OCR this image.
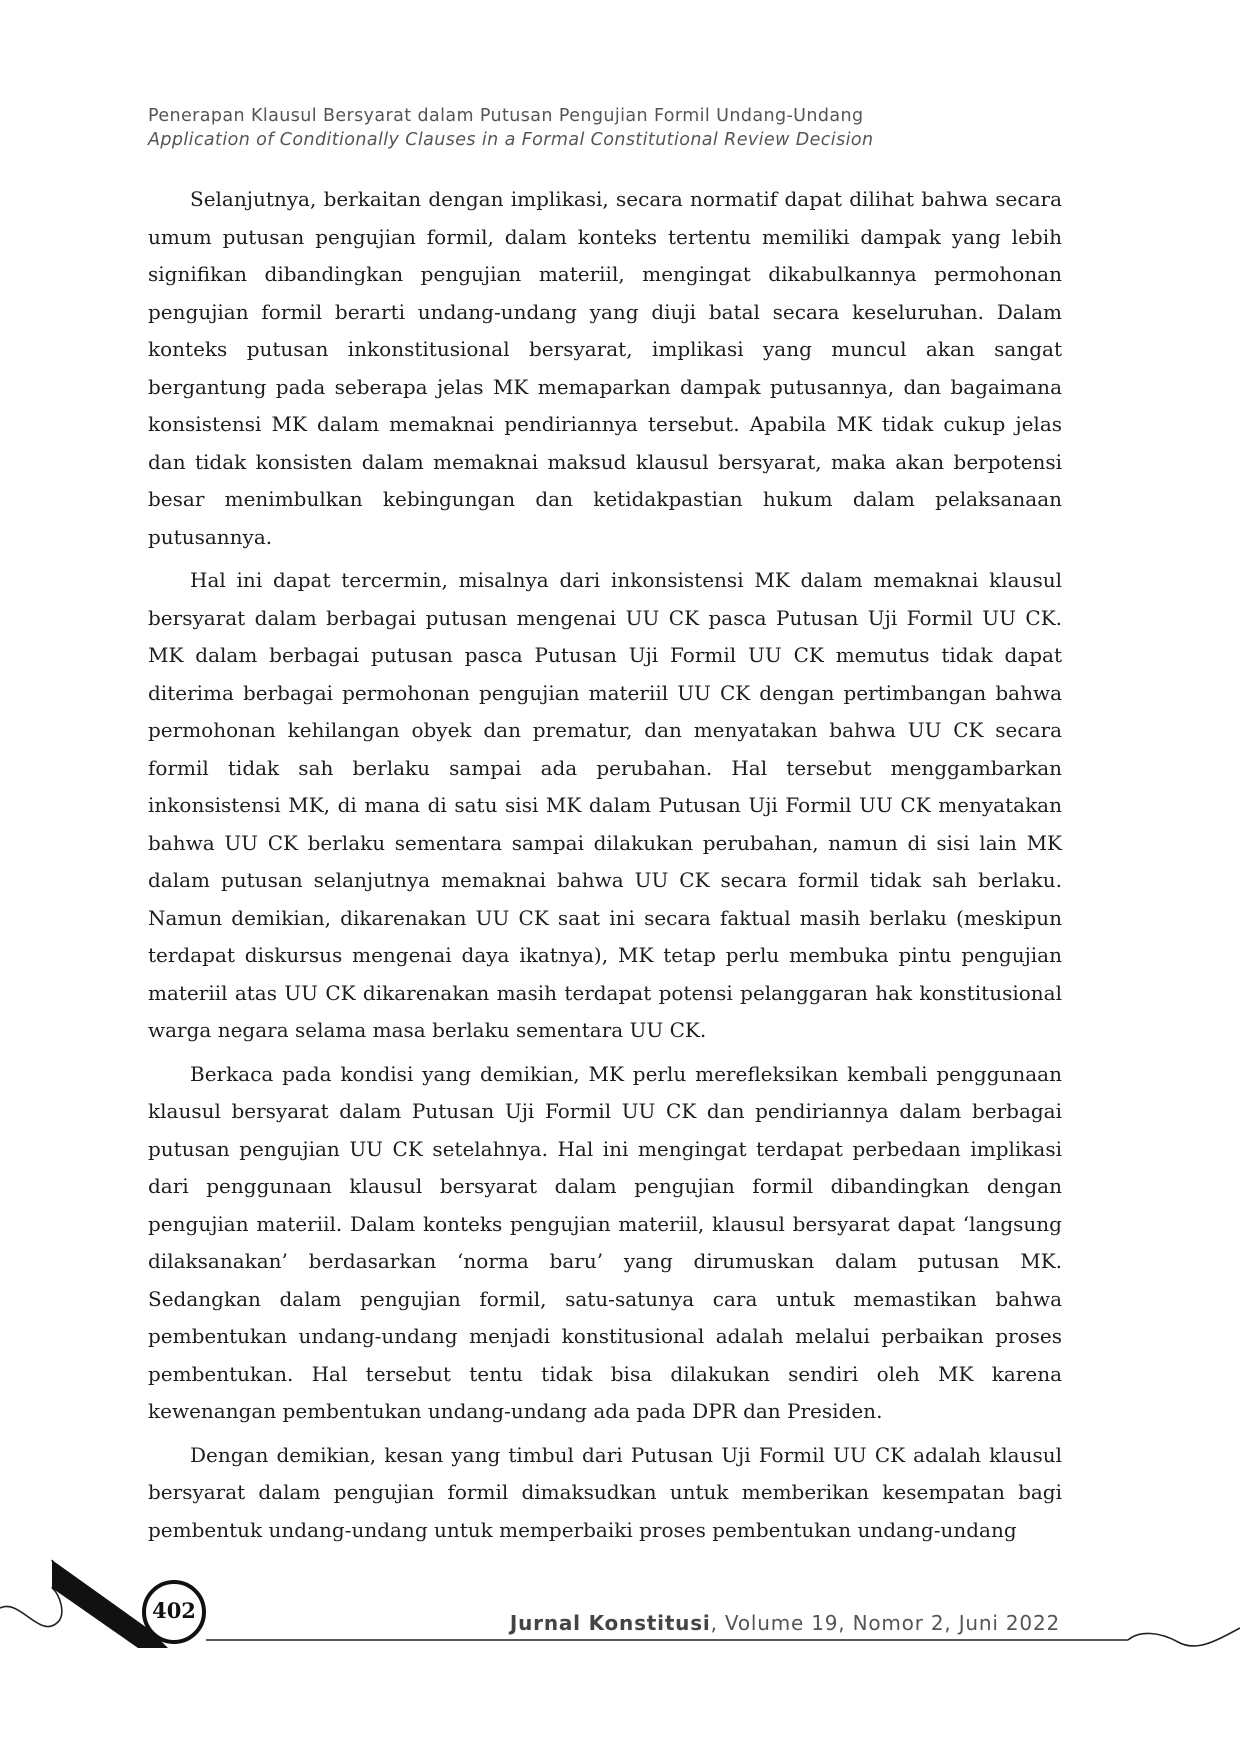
Penerapan Klausul Bersyarat dalam Putusan Pengujian Formil Undang-Undang
Application of Conditionally Clauses in a Formal Constitutional Review Decision

Selanjutnya, berkaitan dengan implikasi, secara normatif dapat dilihat bahwa secara umum putusan pengujian formil, dalam konteks tertentu memiliki dampak yang lebih signifikan dibandingkan pengujian materiil, mengingat dikabulkannya permohonan pengujian formil berarti undang-undang yang diuji batal secara keseluruhan. Dalam konteks putusan inkonstitusional bersyarat, implikasi yang muncul akan sangat bergantung pada seberapa jelas MK memaparkan dampak putusannya, dan bagaimana konsistensi MK dalam memaknai pendiriannya tersebut. Apabila MK tidak cukup jelas dan tidak konsisten dalam memaknai maksud klausul bersyarat, maka akan berpotensi besar menimbulkan kebingungan dan ketidakpastian hukum dalam pelaksanaan putusannya.

Hal ini dapat tercermin, misalnya dari inkonsistensi MK dalam memaknai klausul bersyarat dalam berbagai putusan mengenai UU CK pasca Putusan Uji Formil UU CK. MK dalam berbagai putusan pasca Putusan Uji Formil UU CK memutus tidak dapat diterima berbagai permohonan pengujian materiil UU CK dengan pertimbangan bahwa permohonan kehilangan obyek dan prematur, dan menyatakan bahwa UU CK secara formil tidak sah berlaku sampai ada perubahan. Hal tersebut menggambarkan inkonsistensi MK, di mana di satu sisi MK dalam Putusan Uji Formil UU CK menyatakan bahwa UU CK berlaku sementara sampai dilakukan perubahan, namun di sisi lain MK dalam putusan selanjutnya memaknai bahwa UU CK secara formil tidak sah berlaku. Namun demikian, dikarenakan UU CK saat ini secara faktual masih berlaku (meskipun terdapat diskursus mengenai daya ikatnya), MK tetap perlu membuka pintu pengujian materiil atas UU CK dikarenakan masih terdapat potensi pelanggaran hak konstitusional warga negara selama masa berlaku sementara UU CK.

Berkaca pada kondisi yang demikian, MK perlu merefleksikan kembali penggunaan klausul bersyarat dalam Putusan Uji Formil UU CK dan pendiriannya dalam berbagai putusan pengujian UU CK setelahnya. Hal ini mengingat terdapat perbedaan implikasi dari penggunaan klausul bersyarat dalam pengujian formil dibandingkan dengan pengujian materiil. Dalam konteks pengujian materiil, klausul bersyarat dapat ‘langsung dilaksanakan’ berdasarkan ‘norma baru’ yang dirumuskan dalam putusan MK. Sedangkan dalam pengujian formil, satu-satunya cara untuk memastikan bahwa pembentukan undang-undang menjadi konstitusional adalah melalui perbaikan proses pembentukan. Hal tersebut tentu tidak bisa dilakukan sendiri oleh MK karena kewenangan pembentukan undang-undang ada pada DPR dan Presiden.

Dengan demikian, kesan yang timbul dari Putusan Uji Formil UU CK adalah klausul bersyarat dalam pengujian formil dimaksudkan untuk memberikan kesempatan bagi pembentuk undang-undang untuk memperbaiki proses pembentukan undang-undang

402	Jurnal Konstitusi, Volume 19, Nomor 2, Juni 2022
